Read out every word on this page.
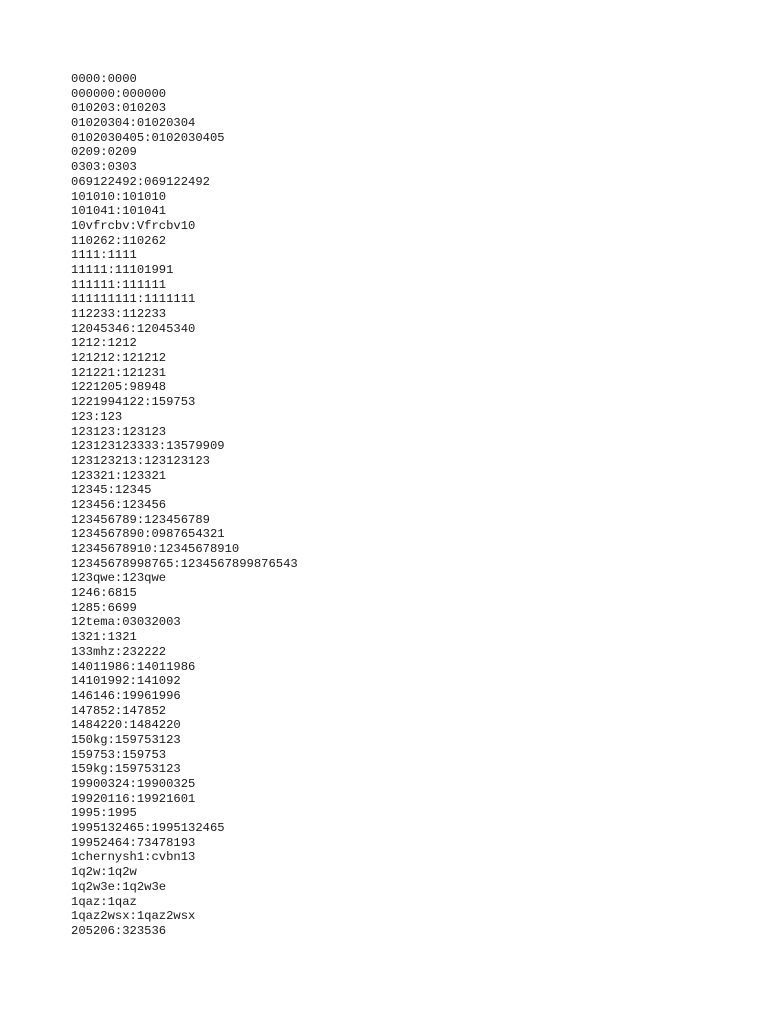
0000:0000
000000:000000
010203:010203
01020304:01020304
0102030405:0102030405
0209:0209
0303:0303
069122492:069122492
101010:101010
101041:101041
10vfrcbv:Vfrcbv10
110262:110262
1111:1111
11111:11101991
111111:111111
111111111:1111111
112233:112233
12045346:12045340
1212:1212
121212:121212
121221:121231
1221205:98948
1221994122:159753
123:123
123123:123123
123123123333:13579909
123123213:123123123
123321:123321
12345:12345
123456:123456
123456789:123456789
1234567890:0987654321
12345678910:12345678910
12345678998765:1234567899876543
123qwe:123qwe
1246:6815
1285:6699
12tema:03032003
1321:1321
133mhz:232222
14011986:14011986
14101992:141092
146146:19961996
147852:147852
1484220:1484220
150kg:159753123
159753:159753
159kg:159753123
19900324:19900325
19920116:19921601
1995:1995
1995132465:1995132465
19952464:73478193
1chernysh1:cvbn13
1q2w:1q2w
1q2w3e:1q2w3e
1qaz:1qaz
1qaz2wsx:1qaz2wsx
205206:323536
